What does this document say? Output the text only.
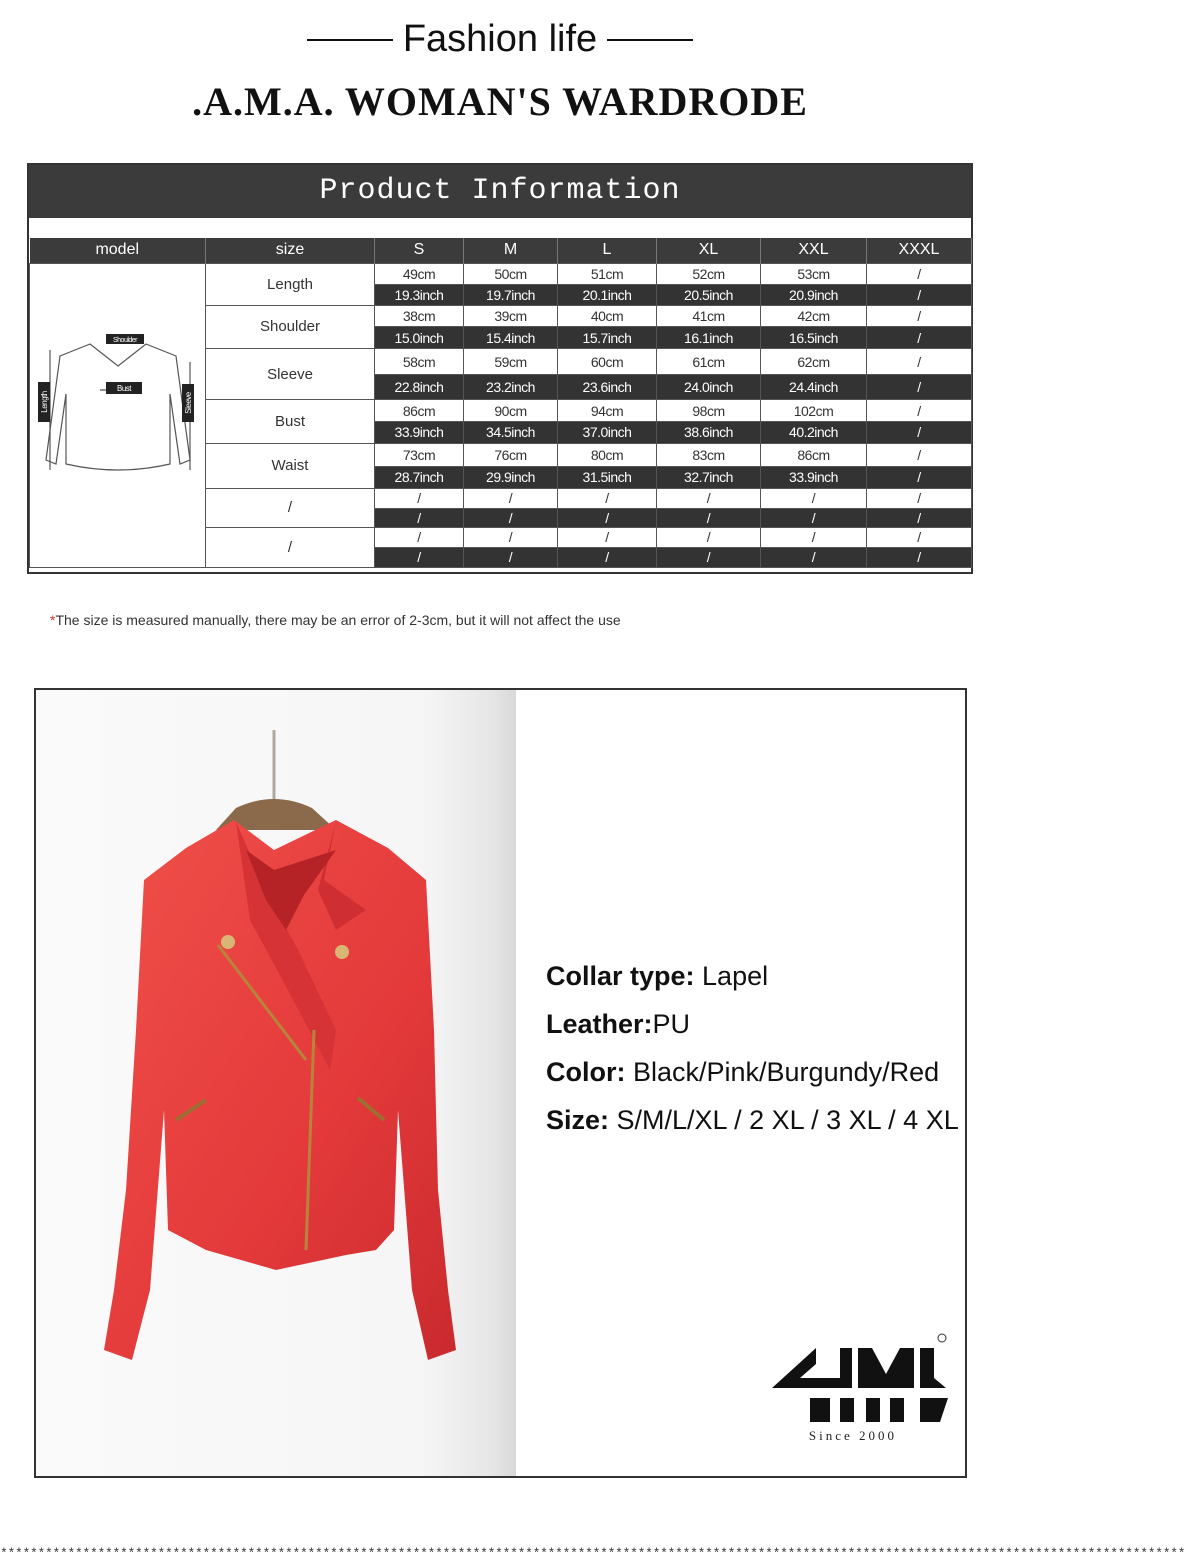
Fashion life
.A.M.A. WOMAN'S WARDRODE
Product Information
model	size	S	M	L	XL	XXL	XXXL

Shoulder
Bust
Length Sleeve	Length	49cm	50cm	51cm	52cm	53cm	/
		19.3inch	19.7inch	20.1inch	20.5inch	20.9inch	/
	Shoulder	38cm	39cm	40cm	41cm	42cm	/
		15.0inch	15.4inch	15.7inch	16.1inch	16.5inch	/
	Sleeve	58cm	59cm	60cm	61cm	62cm	/
		22.8inch	23.2inch	23.6inch	24.0inch	24.4inch	/
	Bust	86cm	90cm	94cm	98cm	102cm	/
		33.9inch	34.5inch	37.0inch	38.6inch	40.2inch	/
	Waist	73cm	76cm	80cm	83cm	86cm	/
		28.7inch	29.9inch	31.5inch	32.7inch	33.9inch	/
	/	/	/	/	/	/	/
		/	/	/	/	/	/
	/	/	/	/	/	/	/
		/	/	/	/	/	/
*The size is measured manually, there may be an error of 2-3cm, but it will not affect the use
Collar type: Lapel
Leather:PU
Color: Black/Pink/Burgundy/Red
Size: S/M/L/XL / 2 XL / 3 XL / 4 XL
Since 2000
**************************************************************************************************************************************************************
